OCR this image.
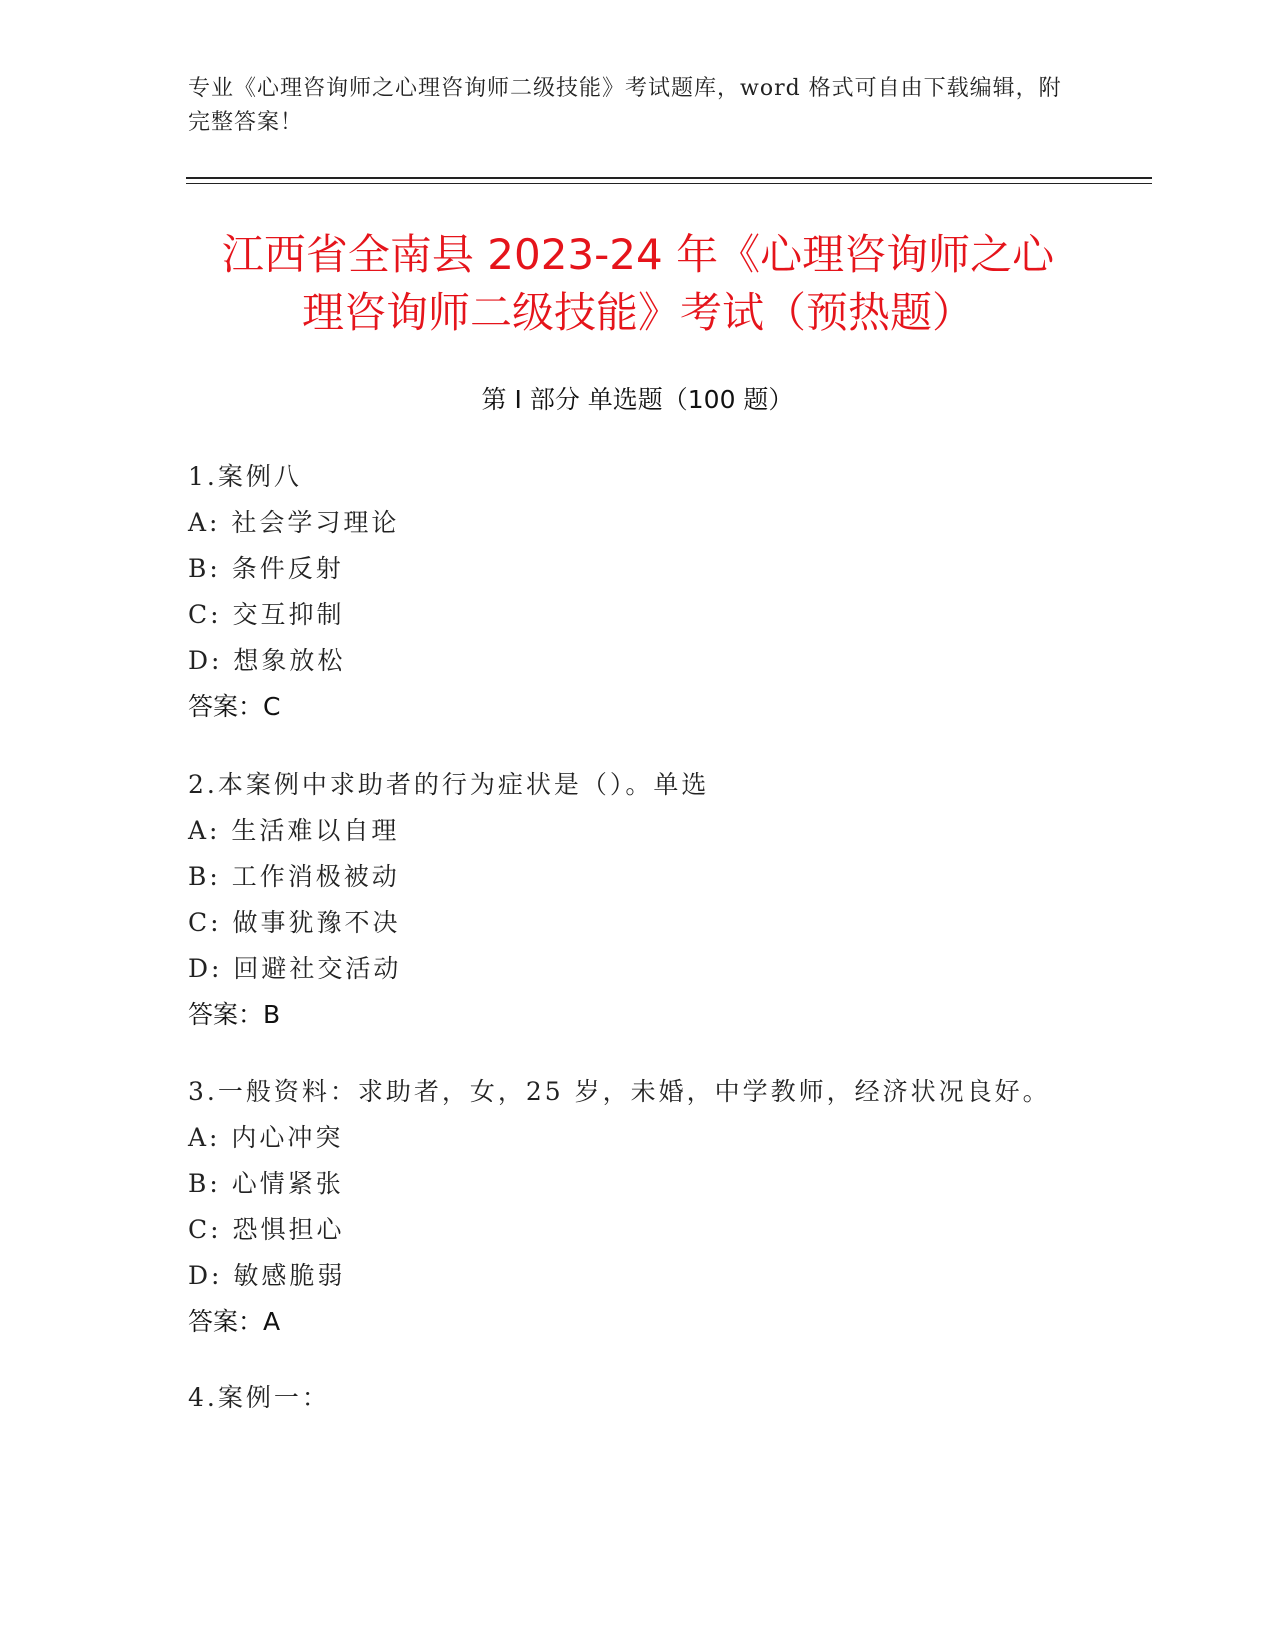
专业《心理咨询师之心理咨询师二级技能》考试题库，word 格式可自由下载编辑，附完整答案！
江西省全南县 2023-24 年《心理咨询师之心
理咨询师二级技能》考试（预热题）
第 I 部分 单选题（100 题）
1.案例八
A: 社会学习理论
B: 条件反射
C: 交互抑制
D: 想象放松
答案：C
2.本案例中求助者的行为症状是（）。单选
A: 生活难以自理
B: 工作消极被动
C: 做事犹豫不决
D: 回避社交活动
答案：B
3.一般资料：求助者，女，25 岁，未婚，中学教师，经济状况良好。
A: 内心冲突
B: 心情紧张
C: 恐惧担心
D: 敏感脆弱
答案：A
4.案例一：
